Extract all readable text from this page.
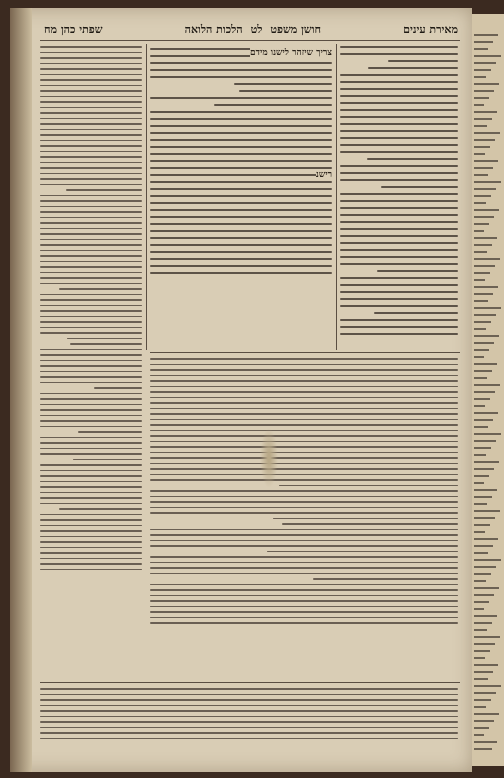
מאירת עינים
חושן משפט
לט
הלכות הלואה
שפתי כהן מח
צריך שיזהר לישנו מידם
רישנ
